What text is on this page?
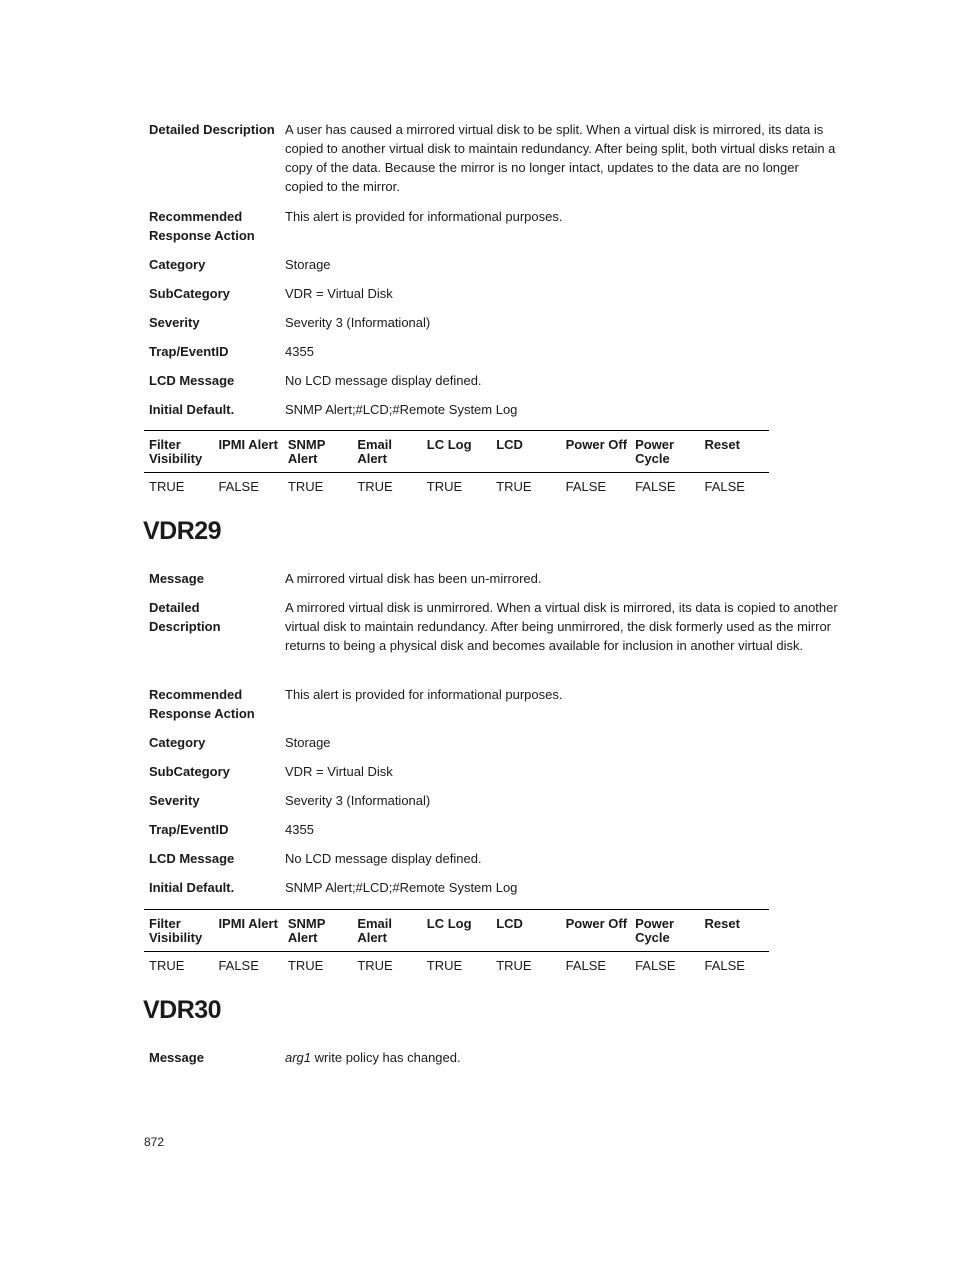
Detailed Description A user has caused a mirrored virtual disk to be split. When a virtual disk is mirrored, its data is copied to another virtual disk to maintain redundancy. After being split, both virtual disks retain a copy of the data. Because the mirror is no longer intact, updates to the data are no longer copied to the mirror.
Recommended Response Action
This alert is provided for informational purposes.
Category	Storage
SubCategory	VDR = Virtual Disk
Severity	Severity 3 (Informational)
Trap/EventID	4355
LCD Message	No LCD message display defined.
Initial Default.	SNMP Alert;#LCD;#Remote System Log
Filter Visibility	IPMI Alert	SNMP Alert	Email Alert	LC Log	LCD	Power Off	Power Cycle	Reset
TRUE	FALSE	TRUE	TRUE	TRUE	TRUE	FALSE	FALSE	FALSE
VDR29
Message	A mirrored virtual disk has been un-mirrored.
Detailed Description
A mirrored virtual disk is unmirrored. When a virtual disk is mirrored, its data is copied to another virtual disk to maintain redundancy. After being unmirrored, the disk formerly used as the mirror returns to being a physical disk and becomes available for inclusion in another virtual disk.
Recommended Response Action
This alert is provided for informational purposes.
Category	Storage
SubCategory	VDR = Virtual Disk
Severity	Severity 3 (Informational)
Trap/EventID	4355
LCD Message	No LCD message display defined.
Initial Default.	SNMP Alert;#LCD;#Remote System Log
Filter Visibility	IPMI Alert	SNMP Alert	Email Alert	LC Log	LCD	Power Off	Power Cycle	Reset
TRUE	FALSE	TRUE	TRUE	TRUE	TRUE	FALSE	FALSE	FALSE
VDR30
Message	arg1 write policy has changed.
872
